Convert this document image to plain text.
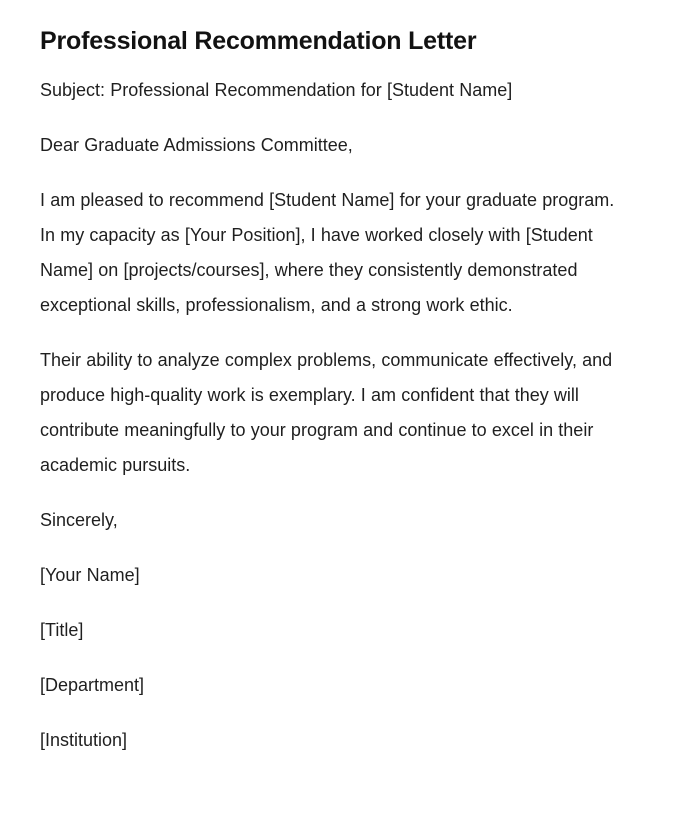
Professional Recommendation Letter

Subject: Professional Recommendation for [Student Name]

Dear Graduate Admissions Committee,

I am pleased to recommend [Student Name] for your graduate program. In my capacity as [Your Position], I have worked closely with [Student Name] on [projects/courses], where they consistently demonstrated exceptional skills, professionalism, and a strong work ethic.

Their ability to analyze complex problems, communicate effectively, and produce high-quality work is exemplary. I am confident that they will contribute meaningfully to your program and continue to excel in their academic pursuits.

Sincerely,

[Your Name]

[Title]

[Department]

[Institution]
